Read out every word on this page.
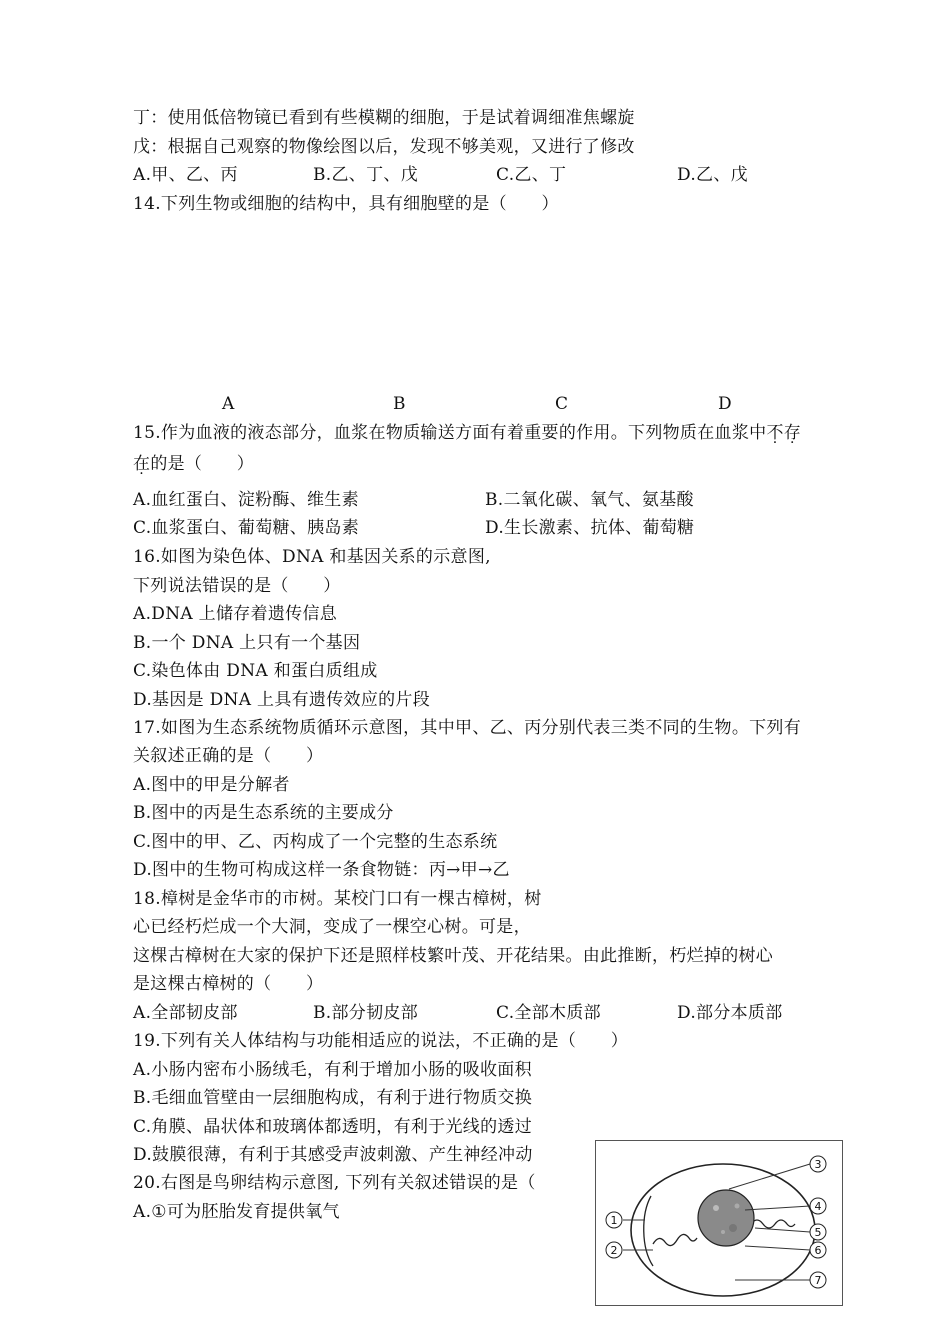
丁：使用低倍物镜已看到有些模糊的细胞，于是试着调细准焦螺旋
戊：根据自己观察的物像绘图以后，发现不够美观，又进行了修改
A.甲、乙、丙	B.乙、丁、戊	C.乙、丁	D.乙、戊
14.下列生物或细胞的结构中，具有细胞壁的是（　　）
A	B	C	D
15.作为血液的液态部分，血浆在物质输送方面有着重要的作用。下列物质在血浆中不存
在的是（　　）
A.血红蛋白、淀粉酶、维生素	B.二氧化碳、氧气、氨基酸
C.血浆蛋白、葡萄糖、胰岛素	D.生长激素、抗体、葡萄糖
16.如图为染色体、DNA 和基因关系的示意图,
下列说法错误的是（　　）
A.DNA 上储存着遗传信息
B.一个 DNA 上只有一个基因
C.染色体由 DNA 和蛋白质组成
D.基因是 DNA 上具有遗传效应的片段
17.如图为生态系统物质循环示意图，其中甲、乙、丙分别代表三类不同的生物。下列有
关叙述正确的是（　　）
A.图中的甲是分解者
B.图中的丙是生态系统的主要成分
C.图中的甲、乙、丙构成了一个完整的生态系统
D.图中的生物可构成这样一条食物链：丙→甲→乙
18.樟树是金华市的市树。某校门口有一棵古樟树，树
心已经朽烂成一个大洞，变成了一棵空心树。可是，
这棵古樟树在大家的保护下还是照样枝繁叶茂、开花结果。由此推断，朽烂掉的树心
是这棵古樟树的（　　）
A.全部韧皮部	B.部分韧皮部	C.全部木质部	D.部分本质部
19.下列有关人体结构与功能相适应的说法，不正确的是（　　）
A.小肠内密布小肠绒毛，有利于增加小肠的吸收面积
B.毛细血管壁由一层细胞构成，有利于进行物质交换
C.角膜、晶状体和玻璃体都透明，有利于光线的透过
D.鼓膜很薄，有利于其感受声波刺激、产生神经冲动
20.右图是鸟卵结构示意图, 下列有关叙述错误的是（
A.①可为胚胎发育提供氧气
3
4
5
6
1
2
7
